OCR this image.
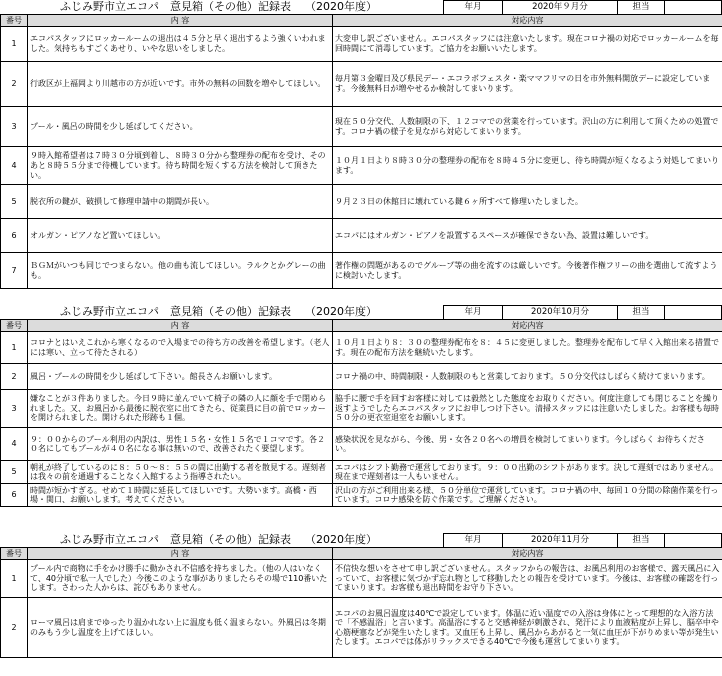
ふじみ野市立エコパ　意見箱（その他）記録表 （2020年度）	年月	2020年９月分	担当
番号	内 容	対応内容
1	エコパスタッフにロッカールームの退出は４５分と早く退出するよう強くいわれました。気持ちもすごくあせり、いやな思いをしました。	大変申し訳ございません。エコパスタッフには注意いたします。現在コロナ禍の対応でロッカールームを毎回時間にて消毒しています。ご協力をお願いいたします。
2	行政区が上福岡より川越市の方が近いです。市外の無料の回数を増やしてほしい。	毎月第３金曜日及び県民デー・エコラボフェスタ・楽ママフリマの日を市外無料開放デーに設定しています。今後無料日が増やせるか検討してまいります。
3	プール・風呂の時間を少し延ばしてください。	現在５０分交代、人数制限の下、１２コマでの営業を行っています。沢山の方に利用して頂くための処置です。コロナ禍の様子を見ながら対応してまいります。
4	９時入館希望者は７時３０分頃到着し、８時３０分から整理券の配布を受け、そのあと８時５５分まで待機しています。待ち時間を短くする方法を検討して頂きたい。	１０月１日より８時３０分の整理券の配布を８時４５分に変更し、待ち時間が短くなるよう対処してまいります。
5	脱衣所の鍵が、破損して修理申請中の期間が長い。	９月２３日の休館日に壊れている鍵６ヶ所すべて修理いたしました。
6	オルガン・ピアノなど置いてほしい。	エコパにはオルガン・ピアノを設置するスペースが確保できない為、設置は難しいです。
7	ＢＧＭがいつも同じでつまらない。他の曲も流してほしい。ラルクとかグレーの曲も。	著作権の問題があるのでグループ等の曲を流すのは厳しいです。今後著作権フリーの曲を選曲して流すように検討いたします。
ふじみ野市立エコパ　意見箱（その他）記録表 （2020年度）	年月	2020年10月分	担当
番号	内 容	対応内容
1	コロナとはいえこれから寒くなるので入場までの待ち方の改善を希望します。（老人には寒い、立って待たされる）	１０月１日より８：３０の整理券配布を８：４５に変更しました。整理券を配布して早く入館出来る措置です。現在の配布方法を継続いたします。
2	風呂・プールの時間を少し延ばして下さい。館長さんお願いします。	コロナ禍の中、時間制限・人数制限のもと営業しております。５０分交代はしばらく続けてまいります。
3	嫌なことが３件ありました。今日９時に並んでいて椅子の隣の人に顔を手で閉められました。又、お風呂から最後に脱衣室に出てきたら、従業員に目の前でロッカーを開けられました。開けられた形跡も１個。	脇手に腰で手を回すお客様に対しては毅然とした態度をお取りください。何度注意しても閉じることを繰り返すようでしたらエコパスタッフにお申しつけ下さい。清掃スタッフには注意いたしました。お客様も毎時５０分の更衣室退室をお願いします。
4	９：００からのプール利用の内訳は、男性１５名・女性１５名で１コマです。各２０名にしてもプールが４０名になる事は無いので、改善されたく要望します。	感染状況を見ながら、今後、男・女各２０名への増員を検討してまいります。今しばらく お待ちください。
5	朝礼が終了しているのに８：５０～８：５５の間に出勤する者を散見する。遅刻者は我々の前を通過することなく入館するよう指導されたい。	エコパはシフト勤務で運営しております。９：００出勤のシフトがあります。決して遅刻ではありません。現在まで遅刻者は一人もいません。
6	時間が短かすぎる。せめて１時間に延長してほしいです。大勢います。高橋・西場・関口、お願いします。考えてください。	沢山の方がご利用出来る様、５０分単位で運営しています。コロナ禍の中、毎回１０分間の除菌作業を行っています。コロナ感染を防ぐ作業です。ご理解ください。
ふじみ野市立エコパ　意見箱（その他）記録表 （2020年度）	年月	2020年11月分	担当
番号	内 容	対応内容
1	プール内で商物に手をかけ勝手に動かされ不信感を持ちました。（他の人はいなくて、40分頃で私一人でした）今後このような事がありましたらその場で110番いたします。さわった人からは、詫びもありません。	不信快な想いをさせて申し訳ございません。スタッフからの報告は、お風呂利用のお客様で、露天風呂に入っていて、お客様に気づかず忘れ物として移動したとの報告を受けています。今後は、お客様の確認を行ってまいります。お客様も退出時間をお守り下さい。
2	ローマ風呂は肩までゆったり温かれない上に温度も低く温まらない。外風呂は冬期のみもう少し温度を上げてほしい。	エコパのお風呂温度は40℃で設定しています。体温に近い温度での入浴は身体にとって理想的な入浴方法で「不感温浴」と言います。高温浴にすると交感神経が刺激され、発汗により血液粘度が上昇し、脳卒中や心筋梗塞などが発生いたします。又血圧も上昇し、風呂からあがると一気に血圧が下がりめまい等が発生いたします。エコパでは体がリラックスできる40℃で今後も運営してまいります。
